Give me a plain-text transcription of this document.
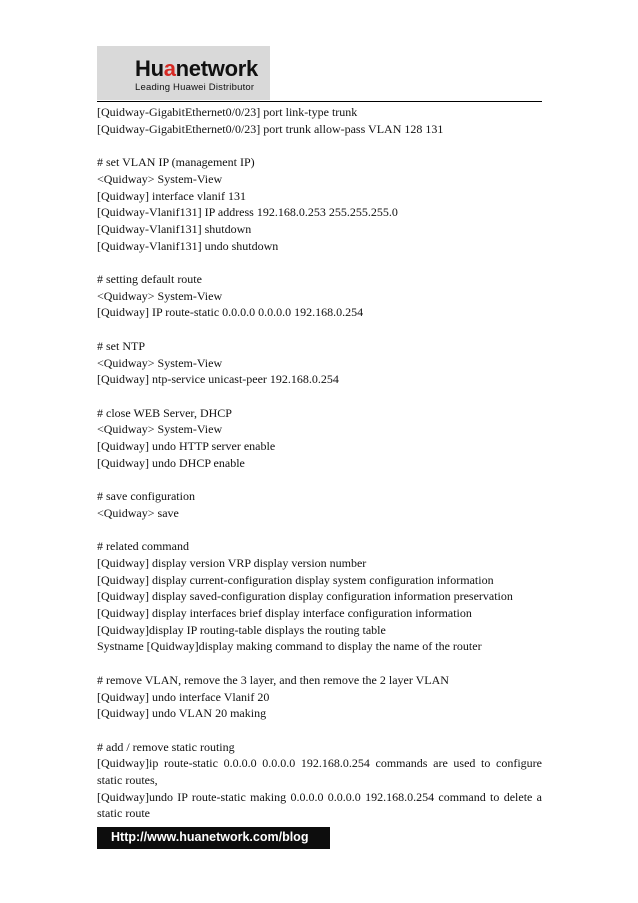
Huanetwork
Leading Huawei Distributor
[Quidway-GigabitEthernet0/0/23] port link-type trunk
[Quidway-GigabitEthernet0/0/23] port trunk allow-pass VLAN 128 131
# set VLAN IP (management IP)
<Quidway> System-View
[Quidway] interface vlanif 131
[Quidway-Vlanif131] IP address 192.168.0.253 255.255.255.0
[Quidway-Vlanif131] shutdown
[Quidway-Vlanif131] undo shutdown
# setting default route
<Quidway> System-View
[Quidway] IP route-static 0.0.0.0 0.0.0.0 192.168.0.254
# set NTP
<Quidway> System-View
[Quidway] ntp-service unicast-peer 192.168.0.254
# close WEB Server, DHCP
<Quidway> System-View
[Quidway] undo HTTP server enable
[Quidway] undo DHCP enable
# save configuration
<Quidway> save
# related command
[Quidway] display version VRP display version number
[Quidway] display current-configuration display system configuration information
[Quidway] display saved-configuration display configuration information preservation
[Quidway] display interfaces brief display interface configuration information
[Quidway]display IP routing-table displays the routing table
Systname [Quidway]display making command to display the name of the router
# remove VLAN, remove the 3 layer, and then remove the 2 layer VLAN
[Quidway] undo interface Vlanif 20
[Quidway] undo VLAN 20 making
# add / remove static routing
[Quidway]ip route-static 0.0.0.0 0.0.0.0 192.168.0.254 commands are used to configure static routes,
[Quidway]undo IP route-static making 0.0.0.0 0.0.0.0 192.168.0.254 command to delete a static route
Http://www.huanetwork.com/blog
